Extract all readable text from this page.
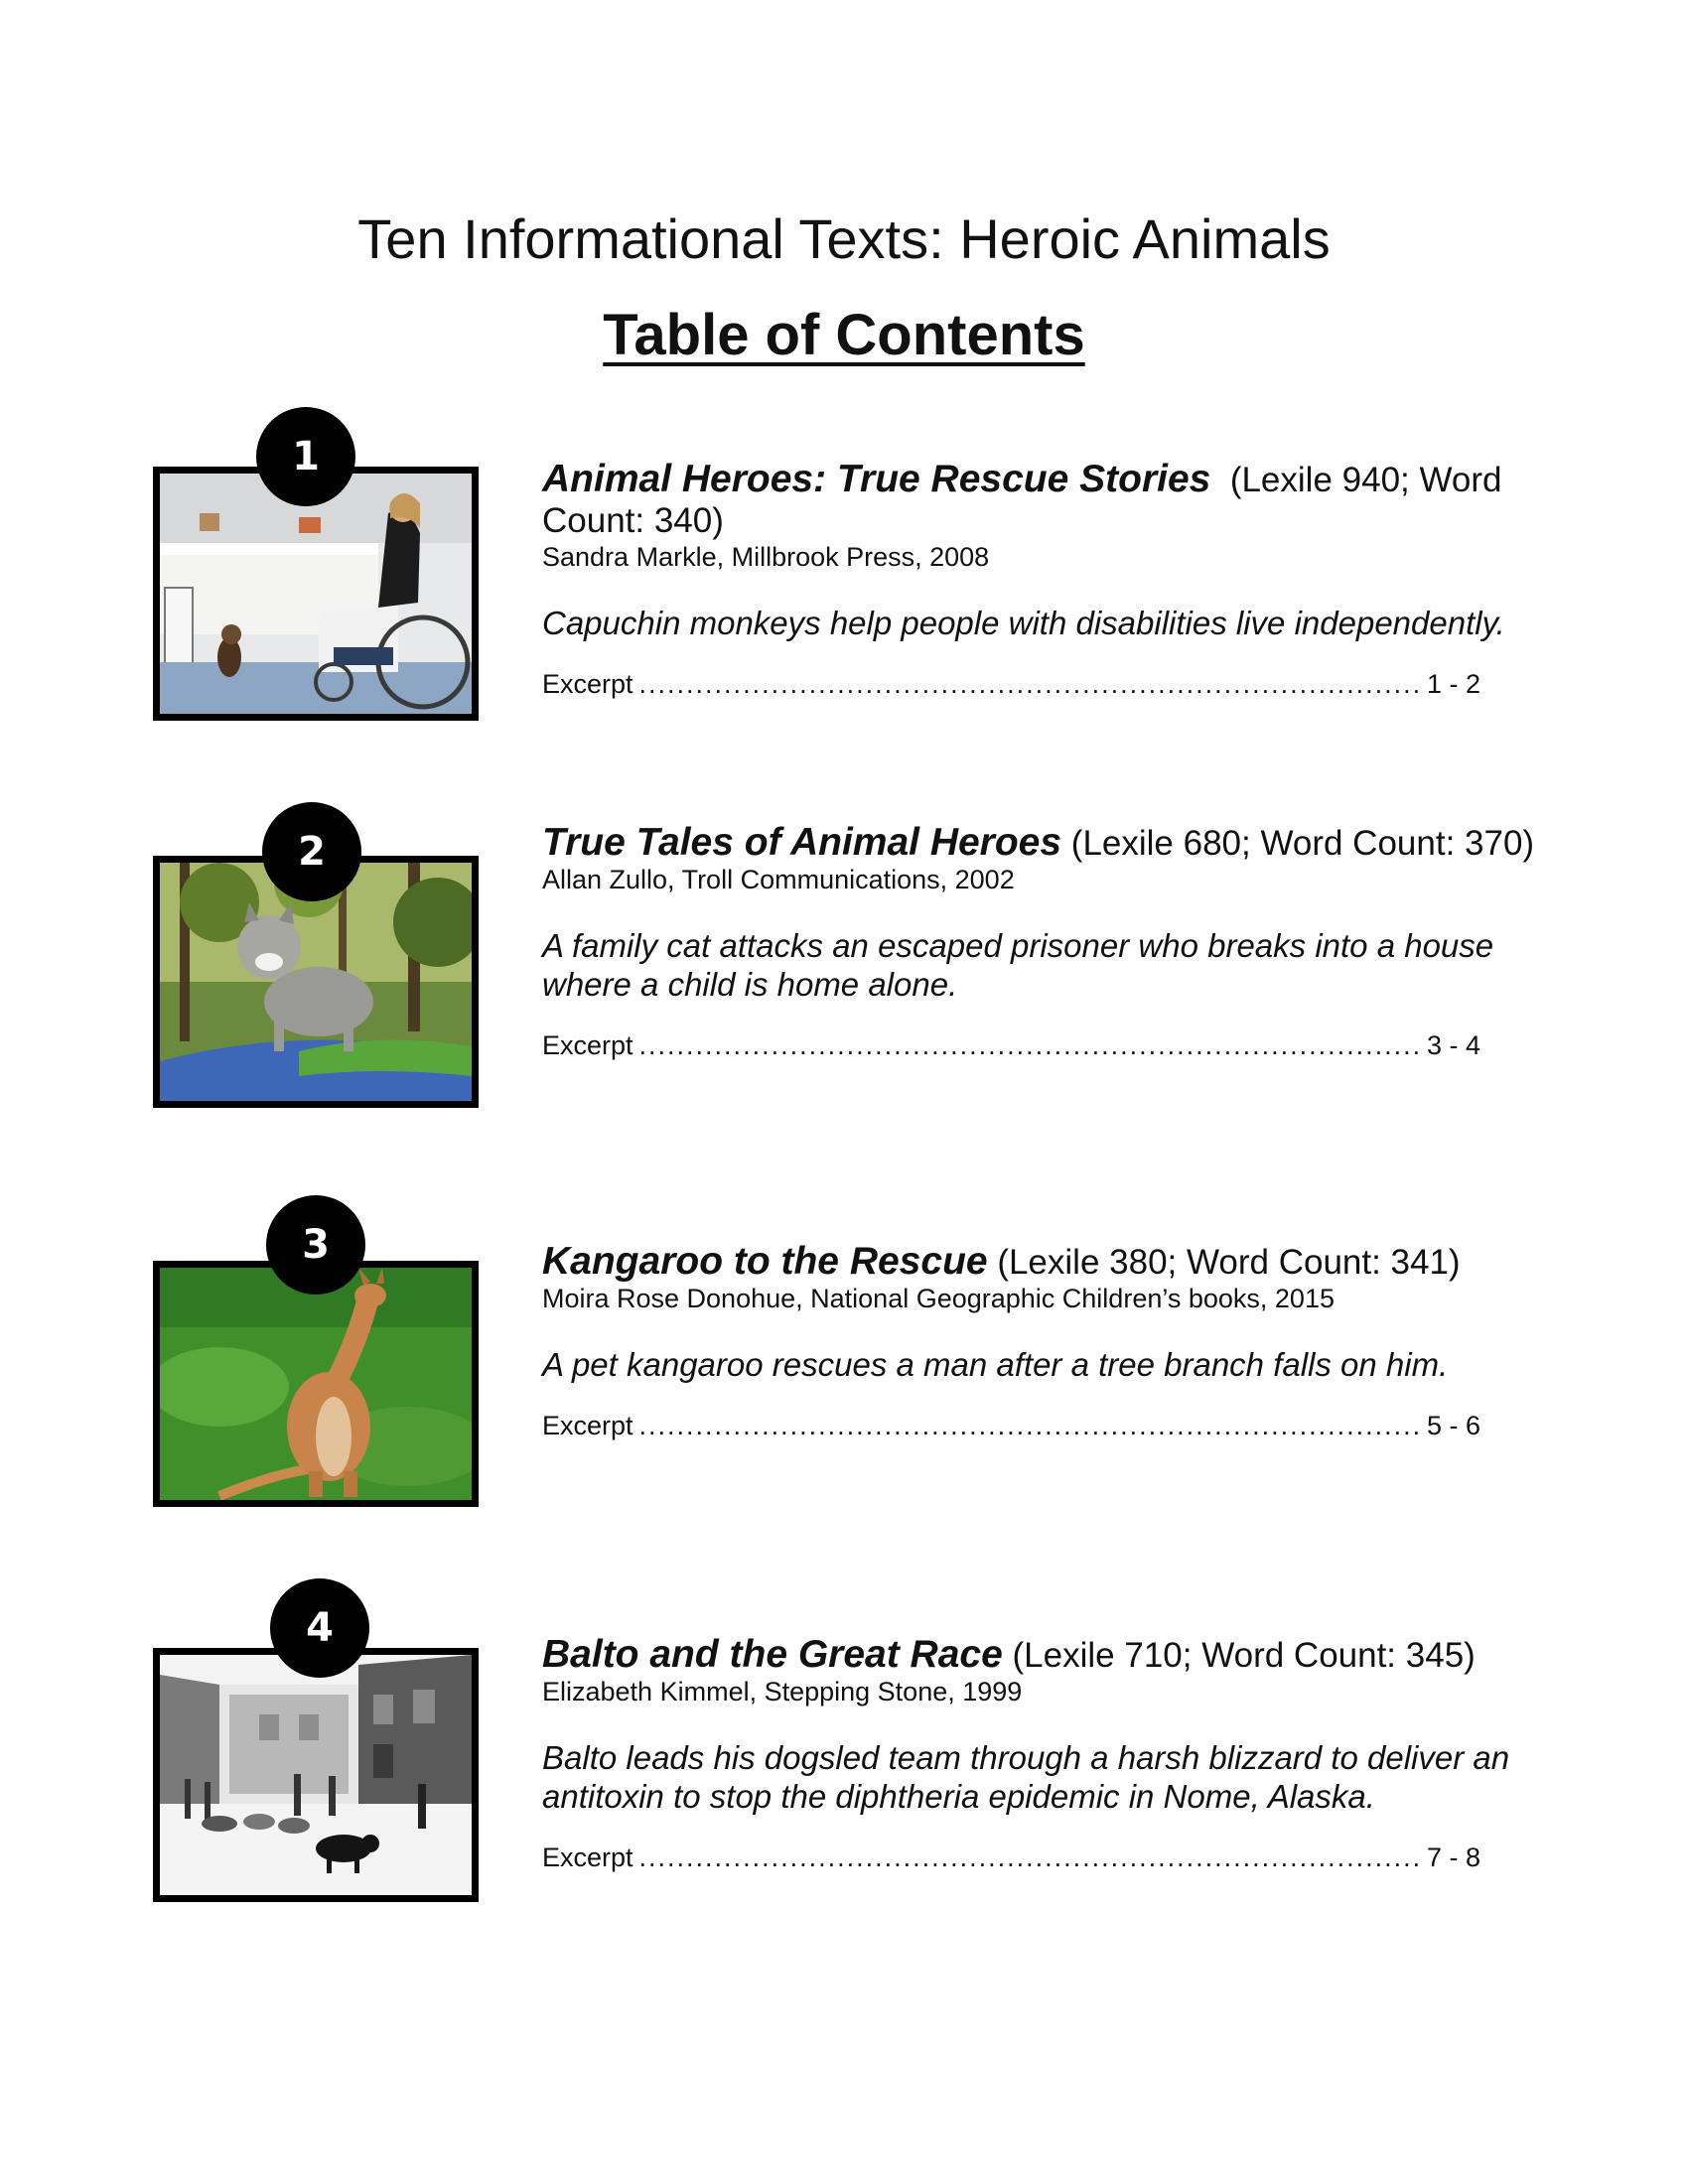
Ten Informational Texts: Heroic Animals
Table of Contents
1	Animal Heroes: True Rescue Stories (Lexile 940; Word Count: 340)

Sandra Markle, Millbrook Press, 2008

Capuchin monkeys help people with disabilities live independently.

Excerpt .....	1 - 2

2	True Tales of Animal Heroes (Lexile 680; Word Count: 370)

Allan Zullo, Troll Communications, 2002

A family cat attacks an escaped prisoner who breaks into a house where a child is home alone.

Excerpt .....	3 - 4

3	Kangaroo to the Rescue (Lexile 380; Word Count: 341)

Moira Rose Donohue, National Geographic Children’s books, 2015

A pet kangaroo rescues a man after a tree branch falls on him.

Excerpt .....	5 - 6

4

Balto and the Great Race (Lexile 710; Word Count: 345)

Elizabeth Kimmel, Stepping Stone, 1999

Balto leads his dogsled team through a harsh blizzard to deliver an antitoxin to stop the diphtheria epidemic in Nome, Alaska.

Excerpt .....	7 - 8
